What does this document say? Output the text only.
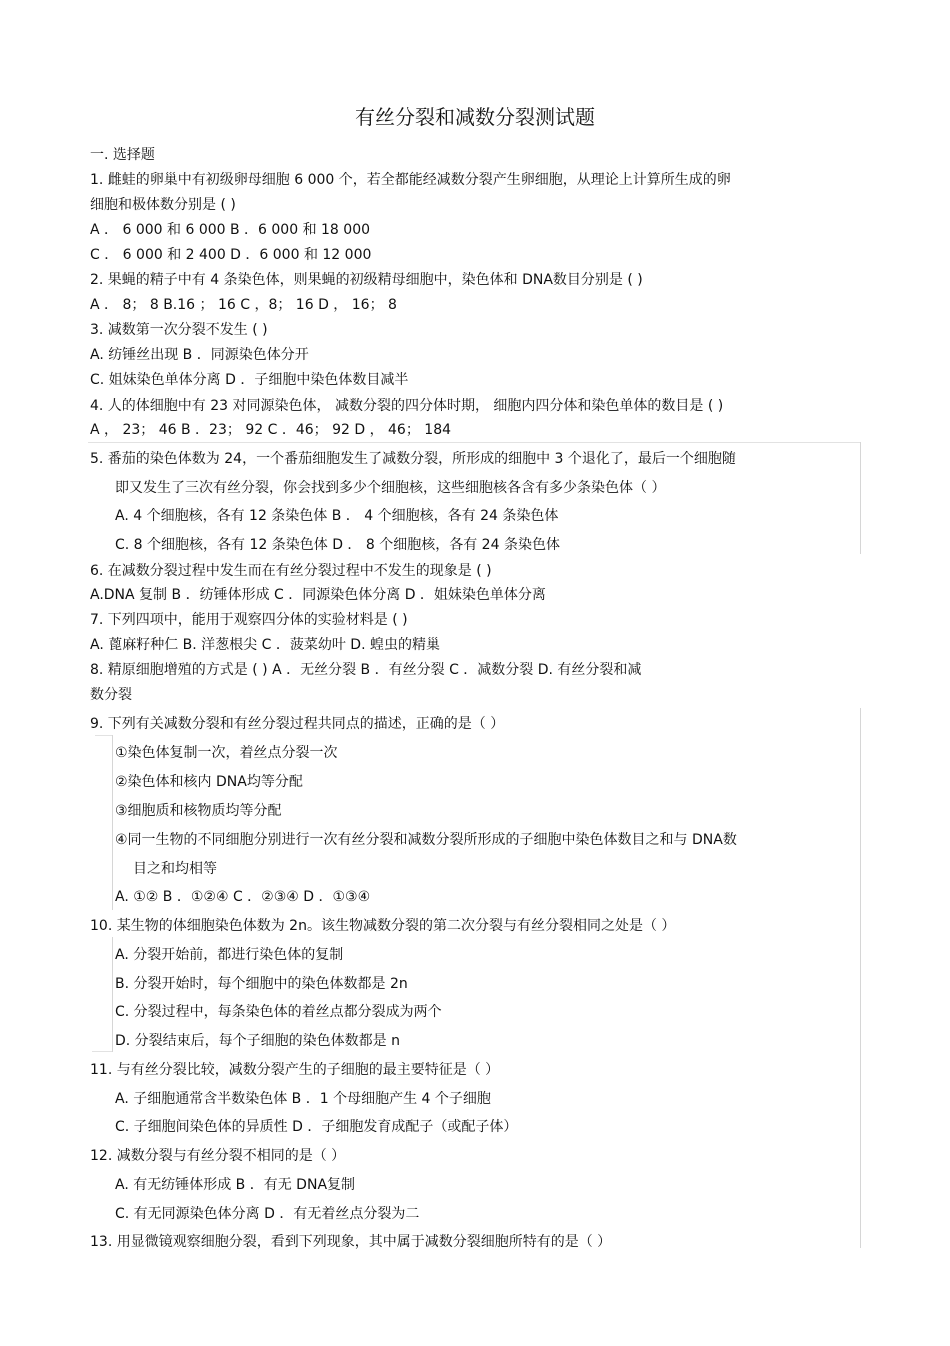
有丝分裂和减数分裂测试题
一. 选择题
1. 雌蛙的卵巢中有初级卵母细胞 6 000 个，若全都能经减数分裂产生卵细胞，从理论上计算所生成的卵
细胞和极体数分别是 ( )
A ． 6 000 和 6 000 B ．6 000 和 18 000
C ． 6 000 和 2 400 D ．6 000 和 12 000
2. 果蝇的精子中有 4 条染色体，则果蝇的初级精母细胞中，染色体和 DNA数目分别是 ( )
A ． 8； 8 B.16 ； 16 C ，8； 16 D ， 16； 8
3. 减数第一次分裂不发生 ( )
A. 纺锤丝出现 B ．同源染色体分开
C. 姐妹染色单体分离 D ．子细胞中染色体数目减半
4. 人的体细胞中有 23 对同源染色体， 减数分裂的四分体时期， 细胞内四分体和染色单体的数目是 ( )
A ， 23； 46 B ．23； 92 C ．46； 92 D ， 46； 184
5. 番茄的染色体数为 24，一个番茄细胞发生了减数分裂，所形成的细胞中 3 个退化了，最后一个细胞随
即又发生了三次有丝分裂，你会找到多少个细胞核，这些细胞核各含有多少条染色体（ ）
A. 4 个细胞核，各有 12 条染色体 B ． 4 个细胞核，各有 24 条染色体
C. 8 个细胞核，各有 12 条染色体 D ． 8 个细胞核，各有 24 条染色体
6. 在减数分裂过程中发生而在有丝分裂过程中不发生的现象是 ( )
A.DNA 复制 B ．纺锤体形成 C ．同源染色体分离 D ．姐妹染色单体分离
7. 下列四项中，能用于观察四分体的实验材料是 ( )
A. 蓖麻籽种仁 B. 洋葱根尖 C ．菠菜幼叶 D. 蝗虫的精巢
8. 精原细胞增殖的方式是 ( ) A ．无丝分裂 B ．有丝分裂 C ．减数分裂 D. 有丝分裂和减
数分裂
9. 下列有关减数分裂和有丝分裂过程共同点的描述，正确的是（ ）
①染色体复制一次，着丝点分裂一次
②染色体和核内 DNA均等分配
③细胞质和核物质均等分配
④同一生物的不同细胞分别进行一次有丝分裂和减数分裂所形成的子细胞中染色体数目之和与 DNA数
目之和均相等
A. ①② B ．①②④ C ．②③④ D ．①③④
10. 某生物的体细胞染色体数为 2n。该生物减数分裂的第二次分裂与有丝分裂相同之处是（ ）
A. 分裂开始前，都进行染色体的复制
B. 分裂开始时，每个细胞中的染色体数都是 2n
C. 分裂过程中，每条染色体的着丝点都分裂成为两个
D. 分裂结束后，每个子细胞的染色体数都是 n
11. 与有丝分裂比较，减数分裂产生的子细胞的最主要特征是（ ）
A. 子细胞通常含半数染色体 B ．1 个母细胞产生 4 个子细胞
C. 子细胞间染色体的异质性 D ．子细胞发育成配子（或配子体）
12. 减数分裂与有丝分裂不相同的是（ ）
A. 有无纺锤体形成 B ．有无 DNA复制
C. 有无同源染色体分离 D ．有无着丝点分裂为二
13. 用显微镜观察细胞分裂，看到下列现象，其中属于减数分裂细胞所特有的是（ ）
